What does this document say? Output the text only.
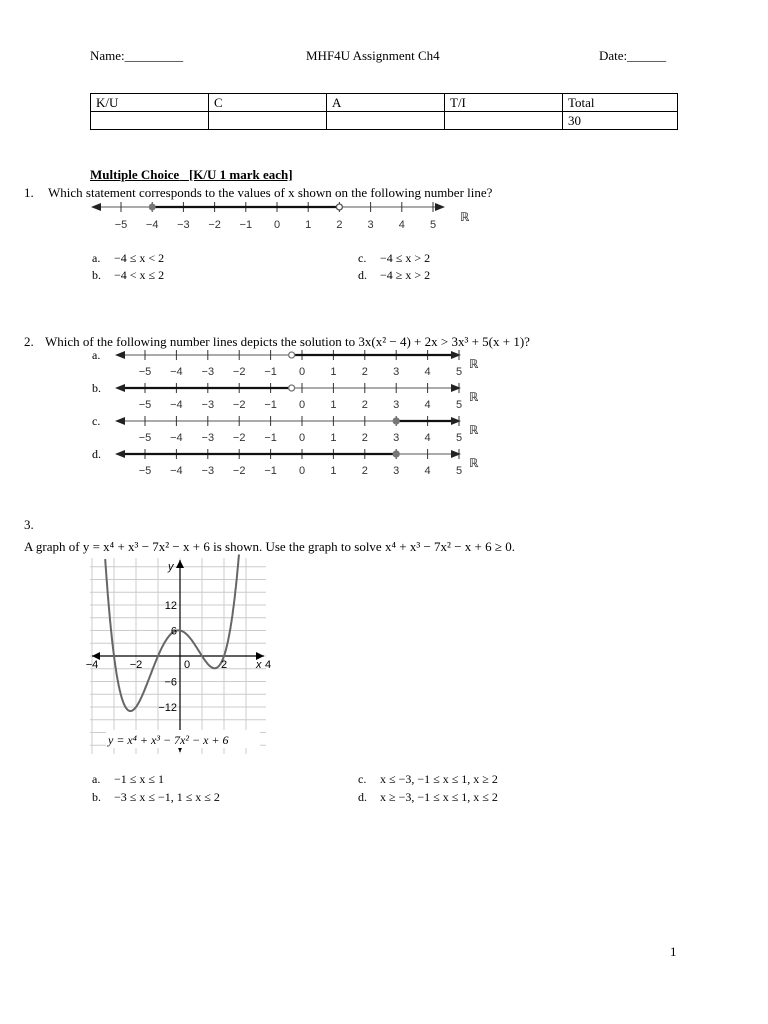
Name:_________	MHF4U Assignment Ch4	Date:______
K/U	C	A	T/I	Total
				30
Multiple Choice [K/U 1 mark each]
1. Which statement corresponds to the values of x shown on the following number line?
−5 −4 −3 −2 −1 0 1 2 3 4 5
ℝ
a. −4 ≤ x < 2
b. −4 < x ≤ 2
c. −4 ≤ x > 2
d. −4 ≥ x > 2
2. Which of the following number lines depicts the solution to 3x(x² − 4) + 2x > 3x³ + 5(x + 1)?
a.
−5 −4 −3 −2 −1 0 1 2 3 4 5
ℝ
b.
−5 −4 −3 −2 −1 0 1 2 3 4 5
ℝ
c.
−5 −4 −3 −2 −1 0 1 2 3 4 5
ℝ
d.
−5 −4 −3 −2 −1 0 1 2 3 4 5
ℝ
3.
A graph of y = x⁴ + x³ − 7x² − x + 6 is shown. Use the graph to solve x⁴ + x³ − 7x² − x + 6 ≥ 0.
−4	−2	0	2	4
12
6
−6
−12
y
x
y = x⁴ + x³ − 7x² − x + 6
a. −1 ≤ x ≤ 1
b. −3 ≤ x ≤ −1, 1 ≤ x ≤ 2
c. x ≤ −3, −1 ≤ x ≤ 1, x ≥ 2
d. x ≥ −3, −1 ≤ x ≤ 1, x ≤ 2
1
